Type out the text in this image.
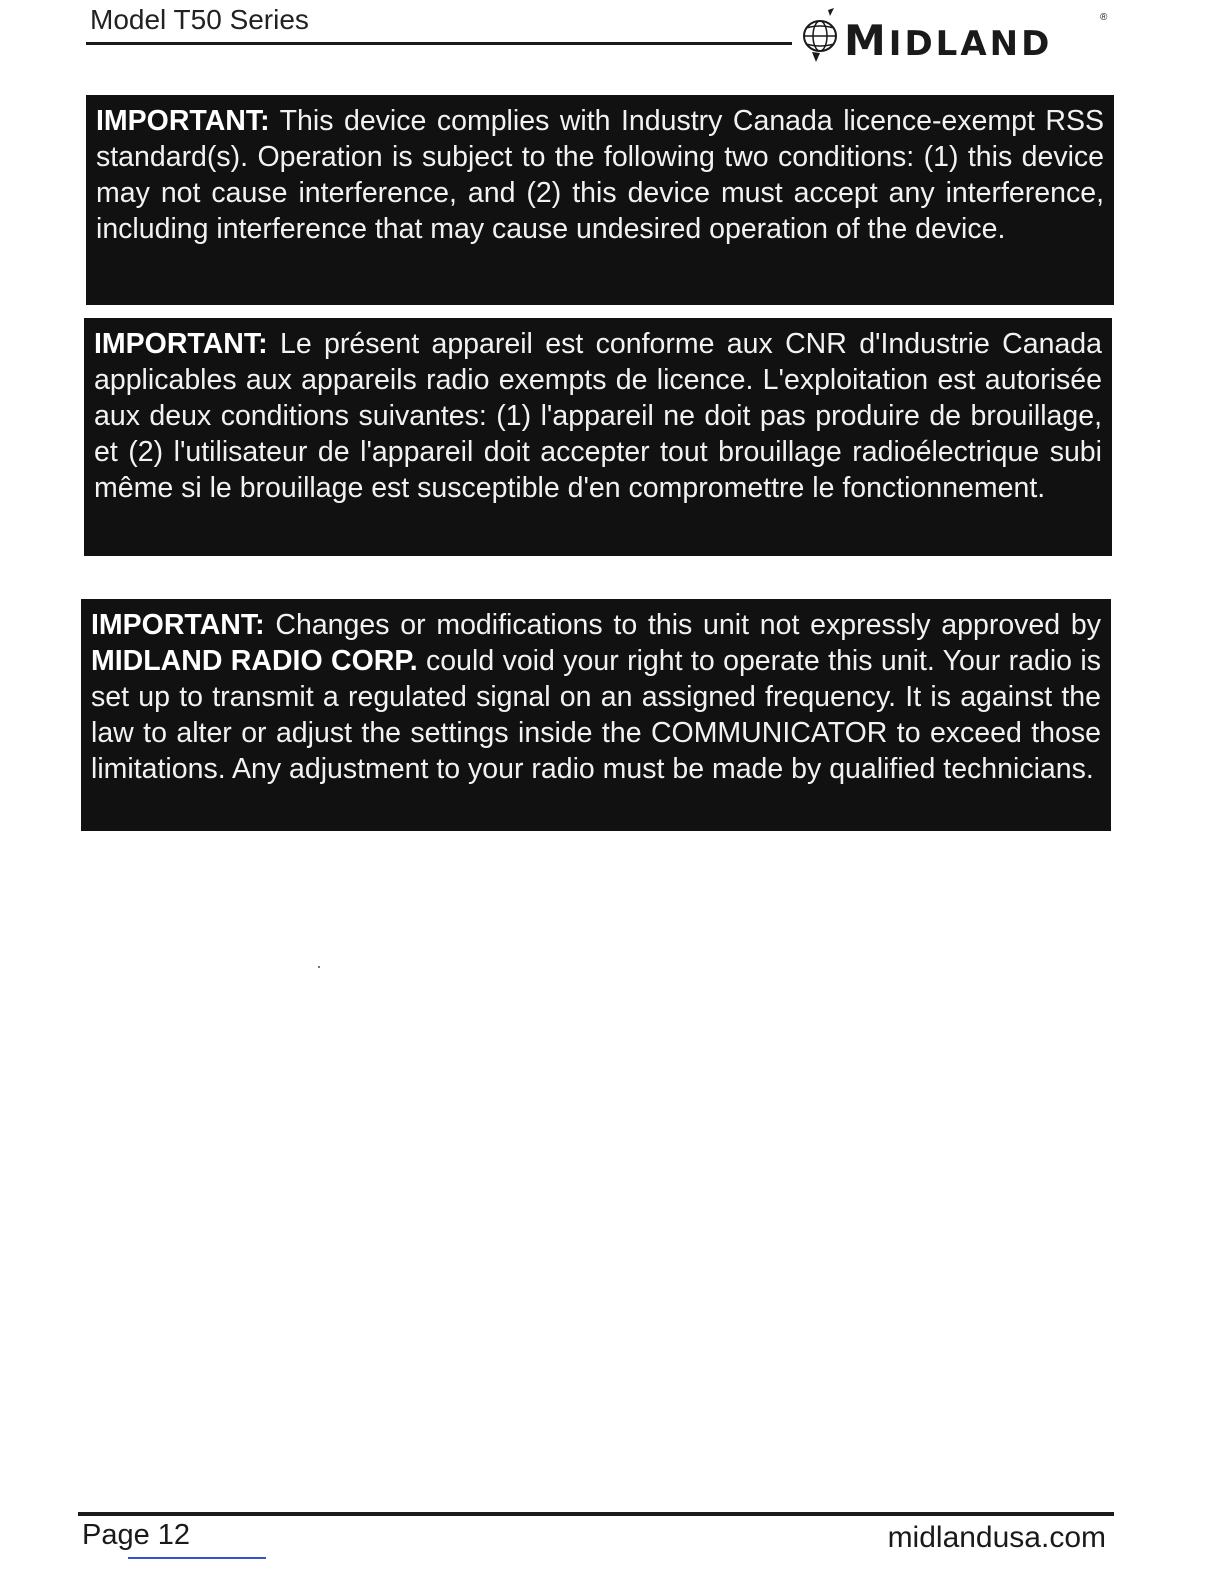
Model T50 Series	MIDLAND
®
IMPORTANT: This device complies with Industry Canada licence-exempt RSS standard(s). Operation is subject to the following two conditions: (1) this device may not cause interference, and (2) this device must accept any interference, including interference that may cause undesired operation of the device.
IMPORTANT: Le présent appareil est conforme aux CNR d'Industrie Canada applicables aux appareils radio exempts de licence. L'exploitation est autorisée aux deux conditions suivantes: (1) l'appareil ne doit pas produire de brouillage, et (2) l'utilisateur de l'appareil doit accepter tout brouillage radioélectrique subi même si le brouillage est susceptible d'en compromettre le fonctionnement.
IMPORTANT: Changes or modifications to this unit not expressly approved by MIDLAND RADIO CORP. could void your right to operate this unit. Your radio is set up to transmit a regulated signal on an assigned frequency. It is against the law to alter or adjust the settings inside the COMMUNICATOR to exceed those limitations. Any adjustment to your radio must be made by qualified technicians.
Page 12	midlandusa.com
